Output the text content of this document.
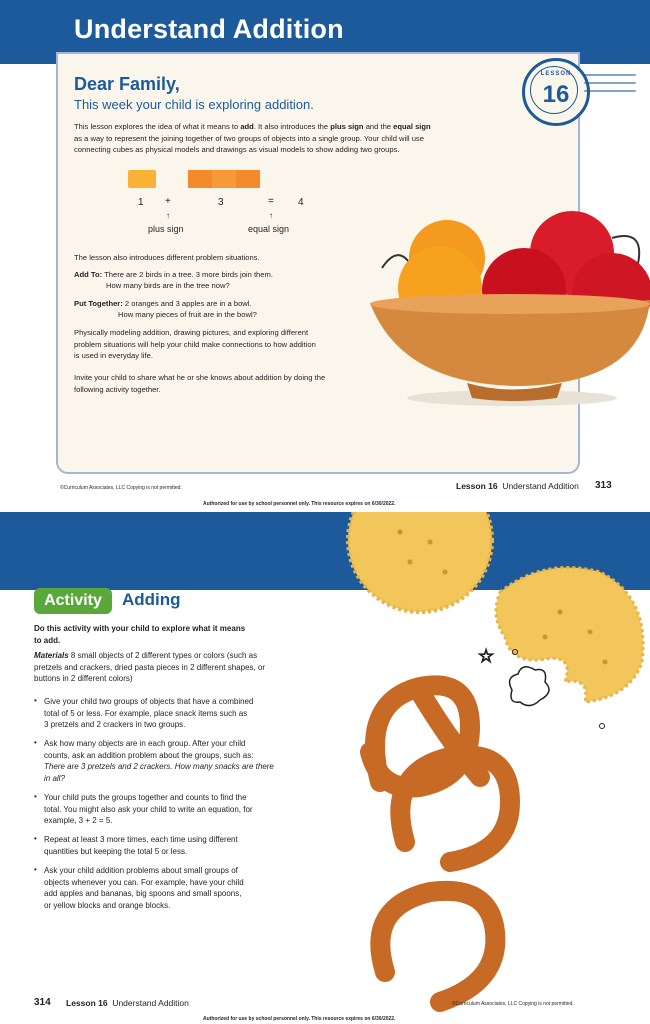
Understand Addition
Dear Family,
This week your child is exploring addition.
LESSON
16
This lesson explores the idea of what it means to add. It also introduces the plus sign and the equal sign
as a way to represent the joining together of two groups of objects into a single group. Your child will use
connecting cubes as physical models and drawings as visual models to show adding two groups.
1 +	3	= 4
↑	↑
plus sign	equal sign
The lesson also introduces different problem situations.
Add To: There are 2 birds in a tree. 3 more birds join them.
How many birds are in the tree now?
Put Together: 2 oranges and 3 apples are in a bowl.
How many pieces of fruit are in the bowl?
Physically modeling addition, drawing pictures, and exploring different
problem situations will help your child make connections to how addition
is used in everyday life.
Invite your child to share what he or she knows about addition by doing the
following activity together.
©Curriculum Associates, LLC Copying is not permitted.	Lesson 16 Understand Addition 313
Authorized for use by school personnel only. This resource expires on 6/30/2022.
☆
Activity	Adding
Do this activity with your child to explore what it means
to add.
Materials 8 small objects of 2 different types or colors (such as
pretzels and crackers, dried pasta pieces in 2 different shapes, or
buttons in 2 different colors)
• Give your child two groups of objects that have a combined
total of 5 or less. For example, place snack items such as
3 pretzels and 2 crackers in two groups.
• Ask how many objects are in each group. After your child
counts, ask an addition problem about the groups, such as:
There are 3 pretzels and 2 crackers. How many snacks are there
in all?
• Your child puts the groups together and counts to find the
total. You might also ask your child to write an equation, for
example, 3 + 2 = 5.
• Repeat at least 3 more times, each time using different
quantities but keeping the total 5 or less.
• Ask your child addition problems about small groups of
objects whenever you can. For example, have your child
add apples and bananas, big spoons and small spoons,
or yellow blocks and orange blocks.
314 Lesson 16 Understand Addition	©Curriculum Associates, LLC Copying is not permitted.
Authorized for use by school personnel only. This resource expires on 6/30/2022.
